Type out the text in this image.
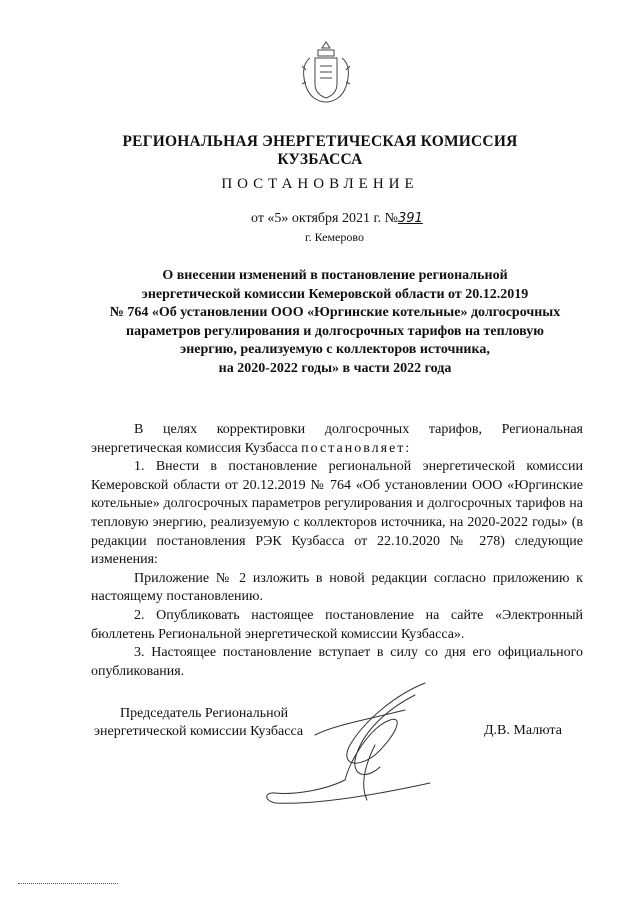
РЕГИОНАЛЬНАЯ ЭНЕРГЕТИЧЕСКАЯ КОМИССИЯ
КУЗБАССА
ПОСТАНОВЛЕНИЕ
от «5» октября 2021 г. №391
г. Кемерово
О внесении изменений в постановление региональной
энергетической комиссии Кемеровской области от 20.12.2019
№ 764 «Об установлении ООО «Юргинские котельные» долгосрочных
параметров регулирования и долгосрочных тарифов на тепловую
энергию, реализуемую с коллекторов источника,
на 2020-2022 годы» в части 2022 года

В целях корректировки долгосрочных тарифов, Региональная энергетическая комиссия Кузбасса постановляет:

1. Внести в постановление региональной энергетической комиссии Кемеровской области от 20.12.2019 № 764 «Об установлении ООО «Юргинские котельные» долгосрочных параметров регулирования и долгосрочных тарифов на тепловую энергию, реализуемую с коллекторов источника, на 2020-2022 годы» (в редакции постановления РЭК Кузбасса от 22.10.2020 № 278) следующие изменения:

Приложение № 2 изложить в новой редакции согласно приложению к настоящему постановлению.

2. Опубликовать настоящее постановление на сайте «Электронный бюллетень Региональной энергетической комиссии Кузбасса».

3. Настоящее постановление вступает в силу со дня его официального опубликования.

Председатель Региональной
энергетической комиссии Кузбасса	Д.В. Малюта
